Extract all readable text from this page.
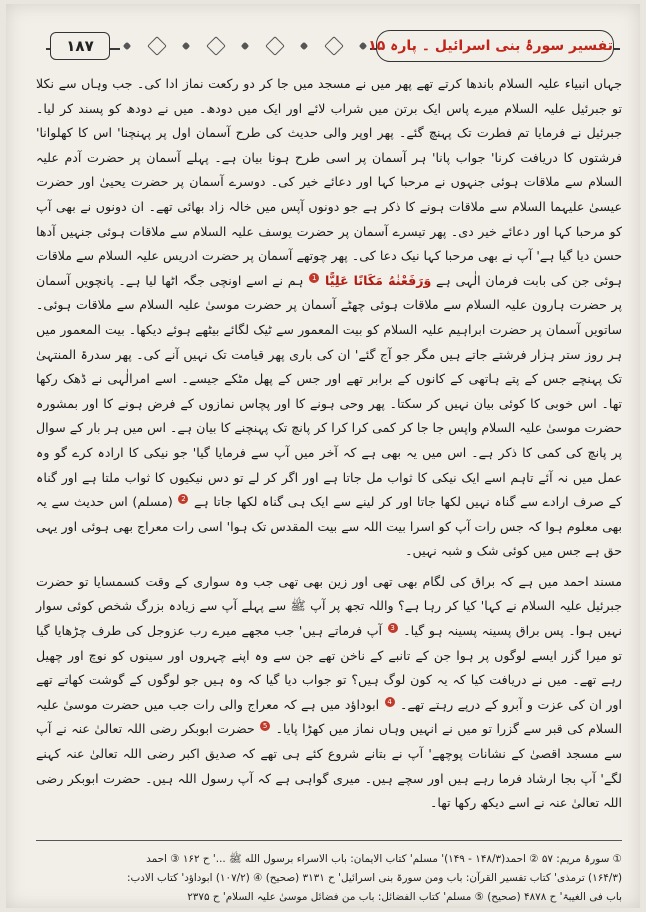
١٨٧	تفسیر سورۂ بنی اسرائیل ۔ پارہ ۱۵

جہاں انبیاء علیہ السلام باندھا کرتے تھے پھر میں نے مسجد میں جا کر دو رکعت نماز ادا کی۔ جب وہاں سے نکلا تو جبرئیل علیہ السلام میرے پاس ایک برتن میں شراب لائے اور ایک میں دودھ۔ میں نے دودھ کو پسند کر لیا۔ جبرئیل نے فرمایا تم فطرت تک پہنچ گئے۔ پھر اوپر والی حدیث کی طرح آسمان اول پر پہنچنا' اس کا کھلوانا' فرشتوں کا دریافت کرنا' جواب پانا' ہر آسمان پر اسی طرح ہونا بیان ہے۔ پہلے آسمان پر حضرت آدم علیہ السلام سے ملاقات ہوئی جنہوں نے مرحبا کہا اور دعائے خیر کی۔ دوسرے آسمان پر حضرت یحییٰ اور حضرت عیسیٰ علیہما السلام سے ملاقات ہونے کا ذکر ہے جو دونوں آپس میں خالہ زاد بھائی تھے۔ ان دونوں نے بھی آپ کو مرحبا کہا اور دعائے خیر دی۔ پھر تیسرے آسمان پر حضرت یوسف علیہ السلام سے ملاقات ہوئی جنہیں آدھا حسن دیا گیا ہے' آپ نے بھی مرحبا کہا نیک دعا کی۔ پھر چوتھے آسمان پر حضرت ادریس علیہ السلام سے ملاقات ہوئی جن کی بابت فرمان الٰہی ہے وَرَفَعْنٰهُ مَكَانًا عَلِيًّا 1 ہم نے اسے اونچی جگہ اٹھا لیا ہے۔ پانچویں آسمان پر حضرت ہارون علیہ السلام سے ملاقات ہوئی چھٹے آسمان پر حضرت موسیٰ علیہ السلام سے ملاقات ہوئی۔ ساتویں آسمان پر حضرت ابراہیم علیہ السلام کو بیت المعمور سے ٹیک لگائے بیٹھے ہوئے دیکھا۔ بیت المعمور میں ہر روز ستر ہزار فرشتے جاتے ہیں مگر جو آج گئے' ان کی باری پھر قیامت تک نہیں آنے کی۔ پھر سدرۃ المنتہیٰ تک پہنچے جس کے پتے ہاتھی کے کانوں کے برابر تھے اور جس کے پھل مٹکے جیسے۔ اسے امرالٰہی نے ڈھک رکھا تھا۔ اس خوبی کا کوئی بیان نہیں کر سکتا۔ پھر وحی ہونے کا اور پچاس نمازوں کے فرض ہونے کا اور بمشورہ حضرت موسیٰ علیہ السلام واپس جا جا کر کمی کرا کرا کر پانچ تک پہنچنے کا بیان ہے۔ اس میں ہر بار کے سوال پر پانچ کی کمی کا ذکر ہے۔ اس میں یہ بھی ہے کہ آخر میں آپ سے فرمایا گیا' جو نیکی کا ارادہ کرے گو وہ عمل میں نہ آئے تاہم اسے ایک نیکی کا ثواب مل جاتا ہے اور اگر کر لے تو دس نیکیوں کا ثواب ملتا ہے اور گناہ کے صرف ارادے سے گناہ نہیں لکھا جاتا اور کر لینے سے ایک ہی گناہ لکھا جاتا ہے 2 (مسلم) اس حدیث سے یہ بھی معلوم ہوا کہ جس رات آپ کو اسرا بیت اللہ سے بیت المقدس تک ہوا' اسی رات معراج بھی ہوئی اور یہی حق ہے جس میں کوئی شک و شبہ نہیں۔

مسند احمد میں ہے کہ براق کی لگام بھی تھی اور زین بھی تھی جب وہ سواری کے وقت کسمسایا تو حضرت جبرئیل علیہ السلام نے کہا' کیا کر رہا ہے؟ واللہ تجھ پر آپ ﷺ سے پہلے آپ سے زیادہ بزرگ شخص کوئی سوار نہیں ہوا۔ پس براق پسینہ پسینہ ہو گیا۔ 3 آپ فرماتے ہیں' جب مجھے میرے رب عزوجل کی طرف چڑھایا گیا تو میرا گزر ایسے لوگوں پر ہوا جن کے تانبے کے ناخن تھے جن سے وہ اپنے چہروں اور سینوں کو نوچ اور چھیل رہے تھے۔ میں نے دریافت کیا کہ یہ کون لوگ ہیں؟ تو جواب دیا گیا کہ وہ ہیں جو لوگوں کے گوشت کھاتے تھے اور ان کی عزت و آبرو کے درپے رہتے تھے۔ 4 ابوداؤد میں ہے کہ معراج والی رات جب میں حضرت موسیٰ علیہ السلام کی قبر سے گزرا تو میں نے انہیں وہاں نماز میں کھڑا پایا۔ 5 حضرت ابوبکر رضی اللہ تعالیٰ عنہ نے آپ سے مسجد اقصیٰ کے نشانات پوچھے' آپ نے بتانے شروع کئے ہی تھے کہ صدیق اکبر رضی اللہ تعالیٰ عنہ کہنے لگے' آپ بجا ارشاد فرما رہے ہیں اور سچے ہیں۔ میری گواہی ہے کہ آپ رسول اللہ ہیں۔ حضرت ابوبکر رضی اللہ تعالیٰ عنہ نے اسے دیکھ رکھا تھا۔

① سورۂ مریم: ۵۷ ② احمد(۱۴۸/۳ - ۱۴۹)' مسلم' کتاب الایمان: باب الاسراء برسول الله ﷺ ...' ح ۱۶۲ ③ احمد

(۱۶۴/۳) ترمذی' کتاب تفسیر القرآن: باب ومن سورۃ بنی اسرائیل' ح ۳۱۳۱ (صحیح) ④ (۱۰۷/۲) ابوداؤد' کتاب الادب:

باب فی الغیبۃ' ح ۴۸۷۸ (صحیح) ⑤ مسلم' کتاب الفضائل: باب من فضائل موسیٰ علیہ السلام' ح ۲۳۷۵
